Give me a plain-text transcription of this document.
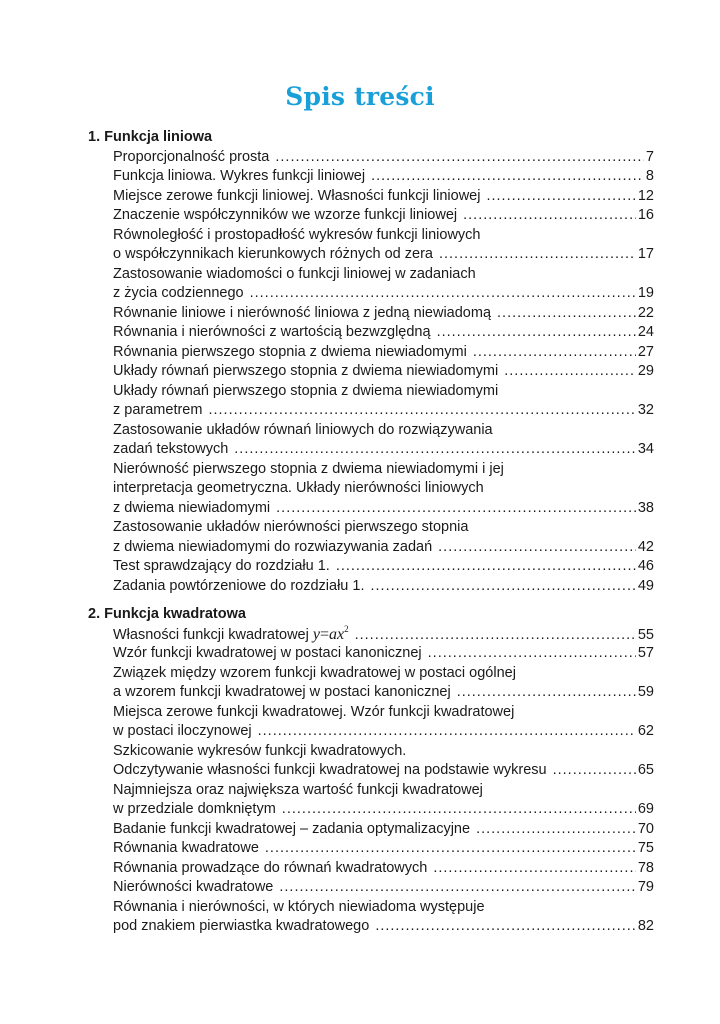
Spis treści
1. Funkcja liniowa
Proporcjonalność prosta .....	7
Funkcja liniowa. Wykres funkcji liniowej .....	8
Miejsce zerowe funkcji liniowej. Własności funkcji liniowej .....	12
Znaczenie współczynników we wzorze funkcji liniowej .....	16
Równoległość i prostopadłość wykresów funkcji liniowych
o współczynnikach kierunkowych różnych od zera .....	17
Zastosowanie wiadomości o funkcji liniowej w zadaniach
z życia codziennego .....	19
Równanie liniowe i nierówność liniowa z jedną niewiadomą .....	22
Równania i nierówności z wartością bezwzględną .....	24
Równania pierwszego stopnia z dwiema niewiadomymi .....	27
Układy równań pierwszego stopnia z dwiema niewiadomymi .....	29
Układy równań pierwszego stopnia z dwiema niewiadomymi
z parametrem .....	32
Zastosowanie układów równań liniowych do rozwiązywania
zadań tekstowych .....	34
Nierówność pierwszego stopnia z dwiema niewiadomymi i jej
interpretacja geometryczna. Układy nierówności liniowych
z dwiema niewiadomymi .....	38
Zastosowanie układów nierówności pierwszego stopnia
z dwiema niewiadomymi do rozwiazywania zadań .....	42
Test sprawdzający do rozdziału 1. .....	46
Zadania powtórzeniowe do rozdziału 1. .....	49
2. Funkcja kwadratowa
Własności funkcji kwadratowej $y=ax^2$ .....	55
Wzór funkcji kwadratowej w postaci kanonicznej .....	57
Związek między wzorem funkcji kwadratowej w postaci ogólnej
a wzorem funkcji kwadratowej w postaci kanonicznej .....	59
Miejsca zerowe funkcji kwadratowej. Wzór funkcji kwadratowej
w postaci iloczynowej .....	62
Szkicowanie wykresów funkcji kwadratowych.
Odczytywanie własności funkcji kwadratowej na podstawie wykresu .....	65
Najmniejsza oraz największa wartość funkcji kwadratowej
w przedziale domkniętym .....	69
Badanie funkcji kwadratowej – zadania optymalizacyjne .....	70
Równania kwadratowe .....	75
Równania prowadzące do równań kwadratowych .....	78
Nierówności kwadratowe .....	79
Równania i nierówności, w których niewiadoma występuje
pod znakiem pierwiastka kwadratowego .....	82
